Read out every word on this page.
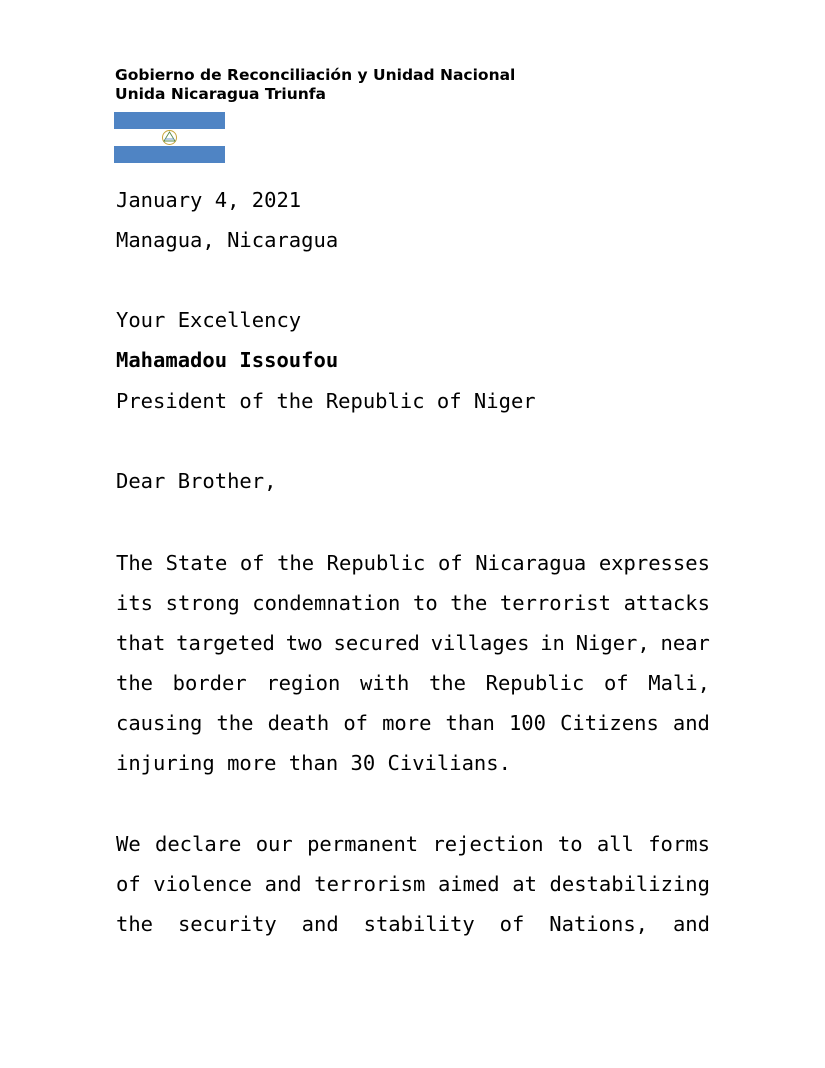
Gobierno de Reconciliación y Unidad Nacional
Unida Nicaragua Triunfa
January 4, 2021
Managua, Nicaragua
Your Excellency
Mahamadou Issoufou
President of the Republic of Niger
Dear Brother,
The State of the Republic of Nicaragua expresses
its strong condemnation to the terrorist attacks
that targeted two secured villages in Niger, near
the border region with the Republic of Mali,
causing the death of more than 100 Citizens and
injuring more than 30 Civilians.
We declare our permanent rejection to all forms
of violence and terrorism aimed at destabilizing
the security and stability of Nations, and
